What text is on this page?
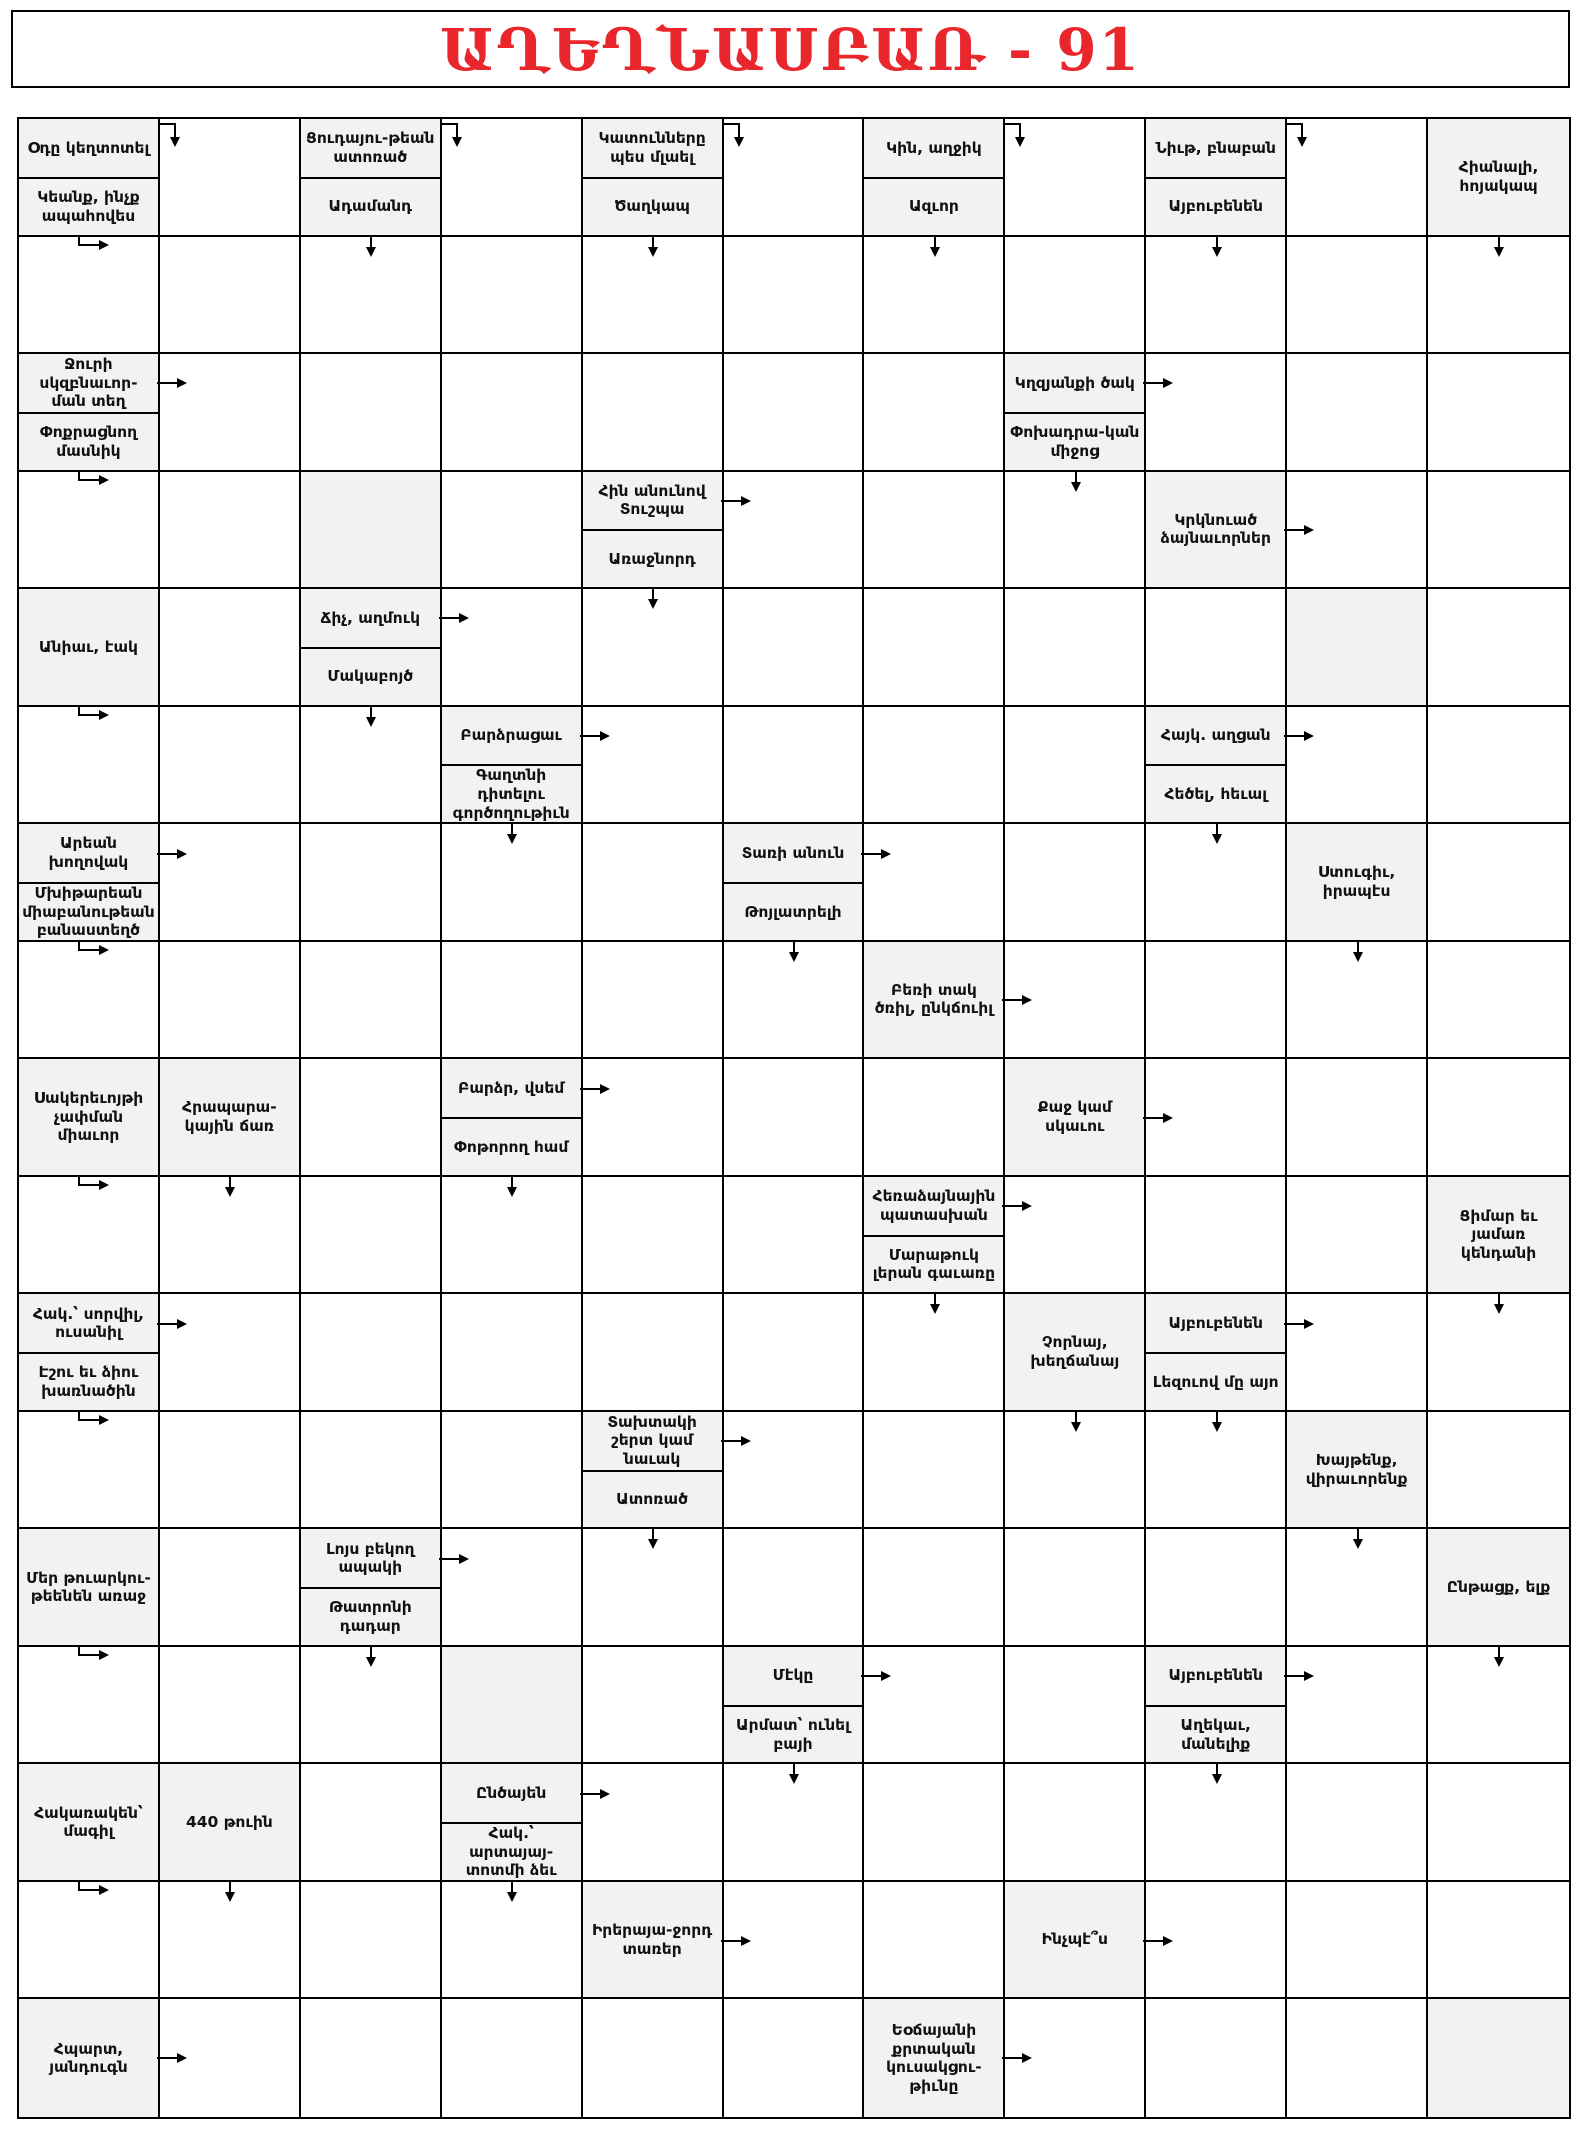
ԱՂԵՂՆԱՍԲԱՌ - 91
Օդը կեղտոտել
Կեանք, ինչք ապահովես
Ցուդայու-թեան ատոռած
Ադամանդ
Կատունները պես մլաել
Ծաղկապ
Կին, աղջիկ
Ազւոր
Նիւթ, բնաբան
Այբուբենեն
Հիանալի, հոյակապ
Ջուրի սկզբնաւոր-ման տեղ
Փոքրացնող մասնիկ
Կղզյանքի ծակ
Փոխադրա-կան միջոց
Հին անունով Տուշպա
Առաջնորդ
Կրկնուած ձայնաւորներ
Անիաւ, էակ
Ճիչ, աղմուկ
Մակաբոյծ
Բարձրացաւ
Գաղտնի դիտելու գործողութիւն
Հայկ. աղցան
Հեծել, հեւալ
Արեան խողովակ
Մխիթարեան միաբանութեան բանաստեղծ
Տառի անուն
Թոյլատրելի
Ստուգիւ, իրապէս
Բեռի տակ ծռիլ, ընկճուիլ
Սակերեւոյթի չափման միաւոր
Հրապարա-կային ճառ
Բարձր, վսեմ
Փոթորող համ
Քաջ կամ սկաւու
Հեռաձայնային պատասխան
Մարաթուկ լերան գաւառը
Ցիմար եւ յամառ կենդանի
Հակ.՝ սորվիլ, ուսանիլ
Էշու եւ ձիու խառնածին
Չորնայ, խեղճանայ
Այբուբենեն
Լեզուով մը այո
Տախտակի շերտ կամ նաւակ
Ատոռած
Խայթենք, վիրաւորենք
Մեր թուարկու-թեենեն առաջ
Լոյս բեկող ապակի
Թատրոնի դադար
Ընթացք, ելք
Մէկը
Արմատ՝ ունել բայի
Այբուբենեն
Աղեկաւ, մանելիք
Հակառակեն՝ մագիլ
440 թուին
Ընծայեն
Հակ.՝ արտայայ-տոտմի ձեւ
Իրերայա-ջորդ տառեր
Ինչպէ՞ս
Հպարտ, յանդուգն
Եօճայանի քրտական կուսակցու-թիւնը
